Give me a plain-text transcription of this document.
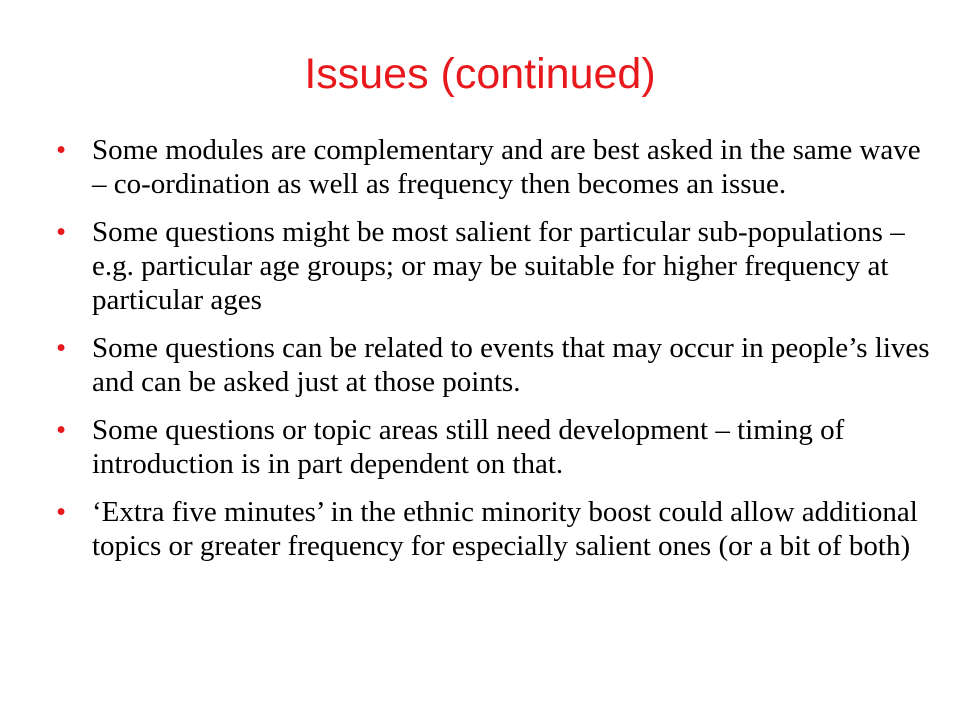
Issues (continued)
• Some modules are complementary and are best asked in the same wave – co-ordination as well as frequency then becomes an issue.
• Some questions might be most salient for particular sub-populations – e.g. particular age groups; or may be suitable for higher frequency at particular ages
• Some questions can be related to events that may occur in people’s lives and can be asked just at those points.
• Some questions or topic areas still need development – timing of introduction is in part dependent on that.
• ‘Extra five minutes’ in the ethnic minority boost could allow additional topics or greater frequency for especially salient ones (or a bit of both)
